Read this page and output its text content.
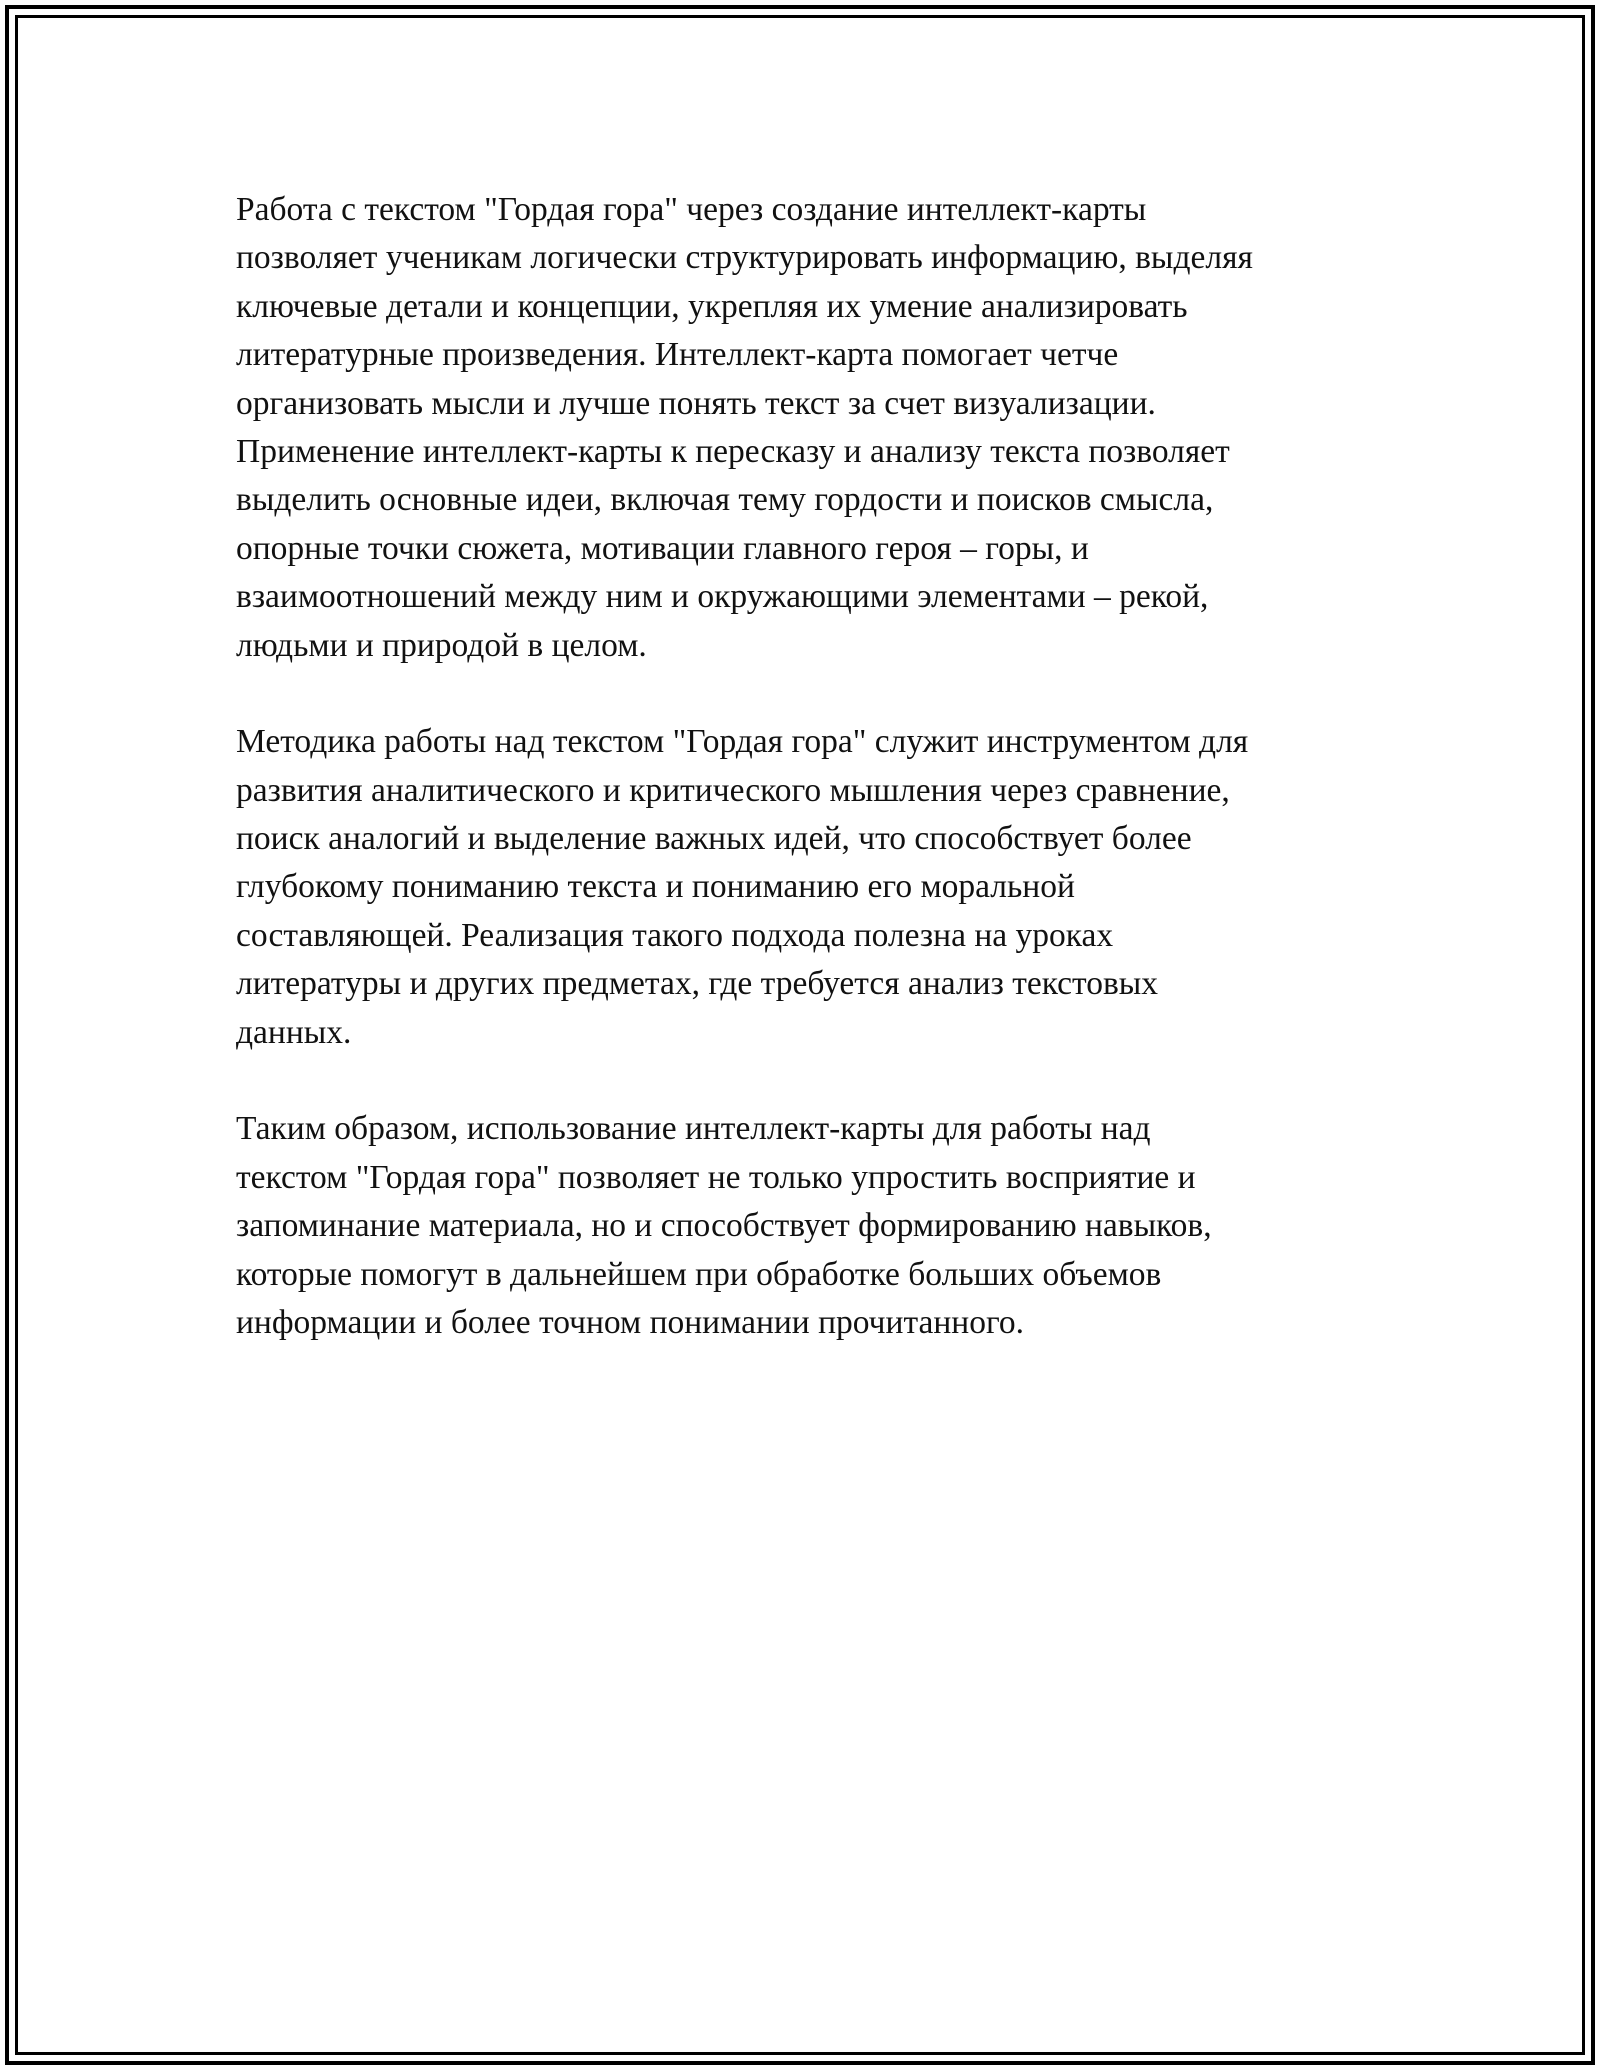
Работа с текстом "Гордая гора" через создание интеллект-карты
позволяет ученикам логически структурировать информацию, выделяя
ключевые детали и концепции, укрепляя их умение анализировать
литературные произведения. Интеллект-карта помогает четче
организовать мысли и лучше понять текст за счет визуализации.
Применение интеллект-карты к пересказу и анализу текста позволяет
выделить основные идеи, включая тему гордости и поисков смысла,
опорные точки сюжета, мотивации главного героя – горы, и
взаимоотношений между ним и окружающими элементами – рекой,
людьми и природой в целом.

Методика работы над текстом "Гордая гора" служит инструментом для
развития аналитического и критического мышления через сравнение,
поиск аналогий и выделение важных идей, что способствует более
глубокому пониманию текста и пониманию его моральной
составляющей. Реализация такого подхода полезна на уроках
литературы и других предметах, где требуется анализ текстовых
данных.

Таким образом, использование интеллект-карты для работы над
текстом "Гордая гора" позволяет не только упростить восприятие и
запоминание материала, но и способствует формированию навыков,
которые помогут в дальнейшем при обработке больших объемов
информации и более точном понимании прочитанного.
